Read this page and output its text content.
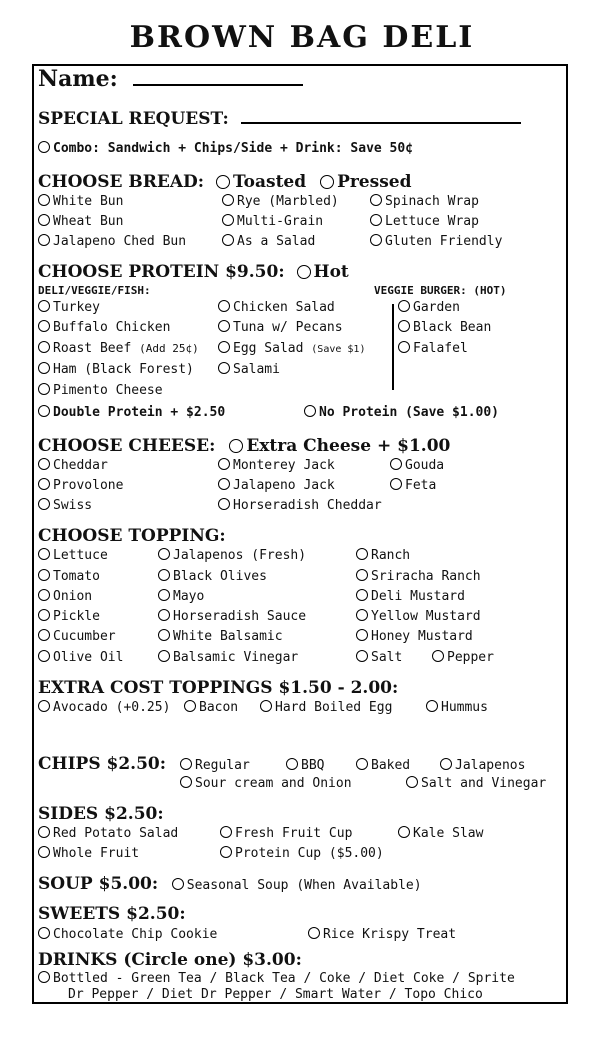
BROWN BAG DELI
Name:
SPECIAL REQUEST:
Combo: Sandwich + Chips/Side + Drink: Save 50¢
CHOOSE BREAD: Toasted Pressed
White Bun	Rye (Marbled)	Spinach Wrap
Wheat Bun	Multi-Grain	Lettuce Wrap
Jalapeno Ched Bun	As a Salad	Gluten Friendly
CHOOSE PROTEIN $9.50: Hot
DELI/VEGGIE/FISH:	VEGGIE BURGER: (HOT)
Turkey	Chicken Salad	Garden
Buffalo Chicken	Tuna w/ Pecans	Black Bean
Roast Beef (Add 25¢)	Egg Salad (Save $1)	Falafel
Ham (Black Forest)	Salami
Pimento Cheese
Double Protein + $2.50	No Protein (Save $1.00)
CHOOSE CHEESE: Extra Cheese + $1.00
Cheddar	Monterey Jack	Gouda
Provolone	Jalapeno Jack	Feta
Swiss	Horseradish Cheddar
CHOOSE TOPPING:
Lettuce	Jalapenos (Fresh)	Ranch
Tomato	Black Olives	Sriracha Ranch
Onion	Mayo	Deli Mustard
Pickle	Horseradish Sauce	Yellow Mustard
Cucumber	White Balsamic	Honey Mustard
Olive Oil	Balsamic Vinegar	Salt	Pepper
EXTRA COST TOPPINGS $1.50 - 2.00:
Avocado (+0.25)	Bacon	Hard Boiled Egg	Hummus
CHIPS $2.50:	Regular	BBQ	Baked	Jalapenos
Sour cream and Onion	Salt and Vinegar
SIDES $2.50:
Red Potato Salad	Fresh Fruit Cup	Kale Slaw
Whole Fruit	Protein Cup ($5.00)
SOUP $5.00: Seasonal Soup (When Available)
SWEETS $2.50:
Chocolate Chip Cookie	Rice Krispy Treat
DRINKS (Circle one) $3.00:
Bottled - Green Tea / Black Tea / Coke / Diet Coke / Sprite
Dr Pepper / Diet Dr Pepper / Smart Water / Topo Chico
